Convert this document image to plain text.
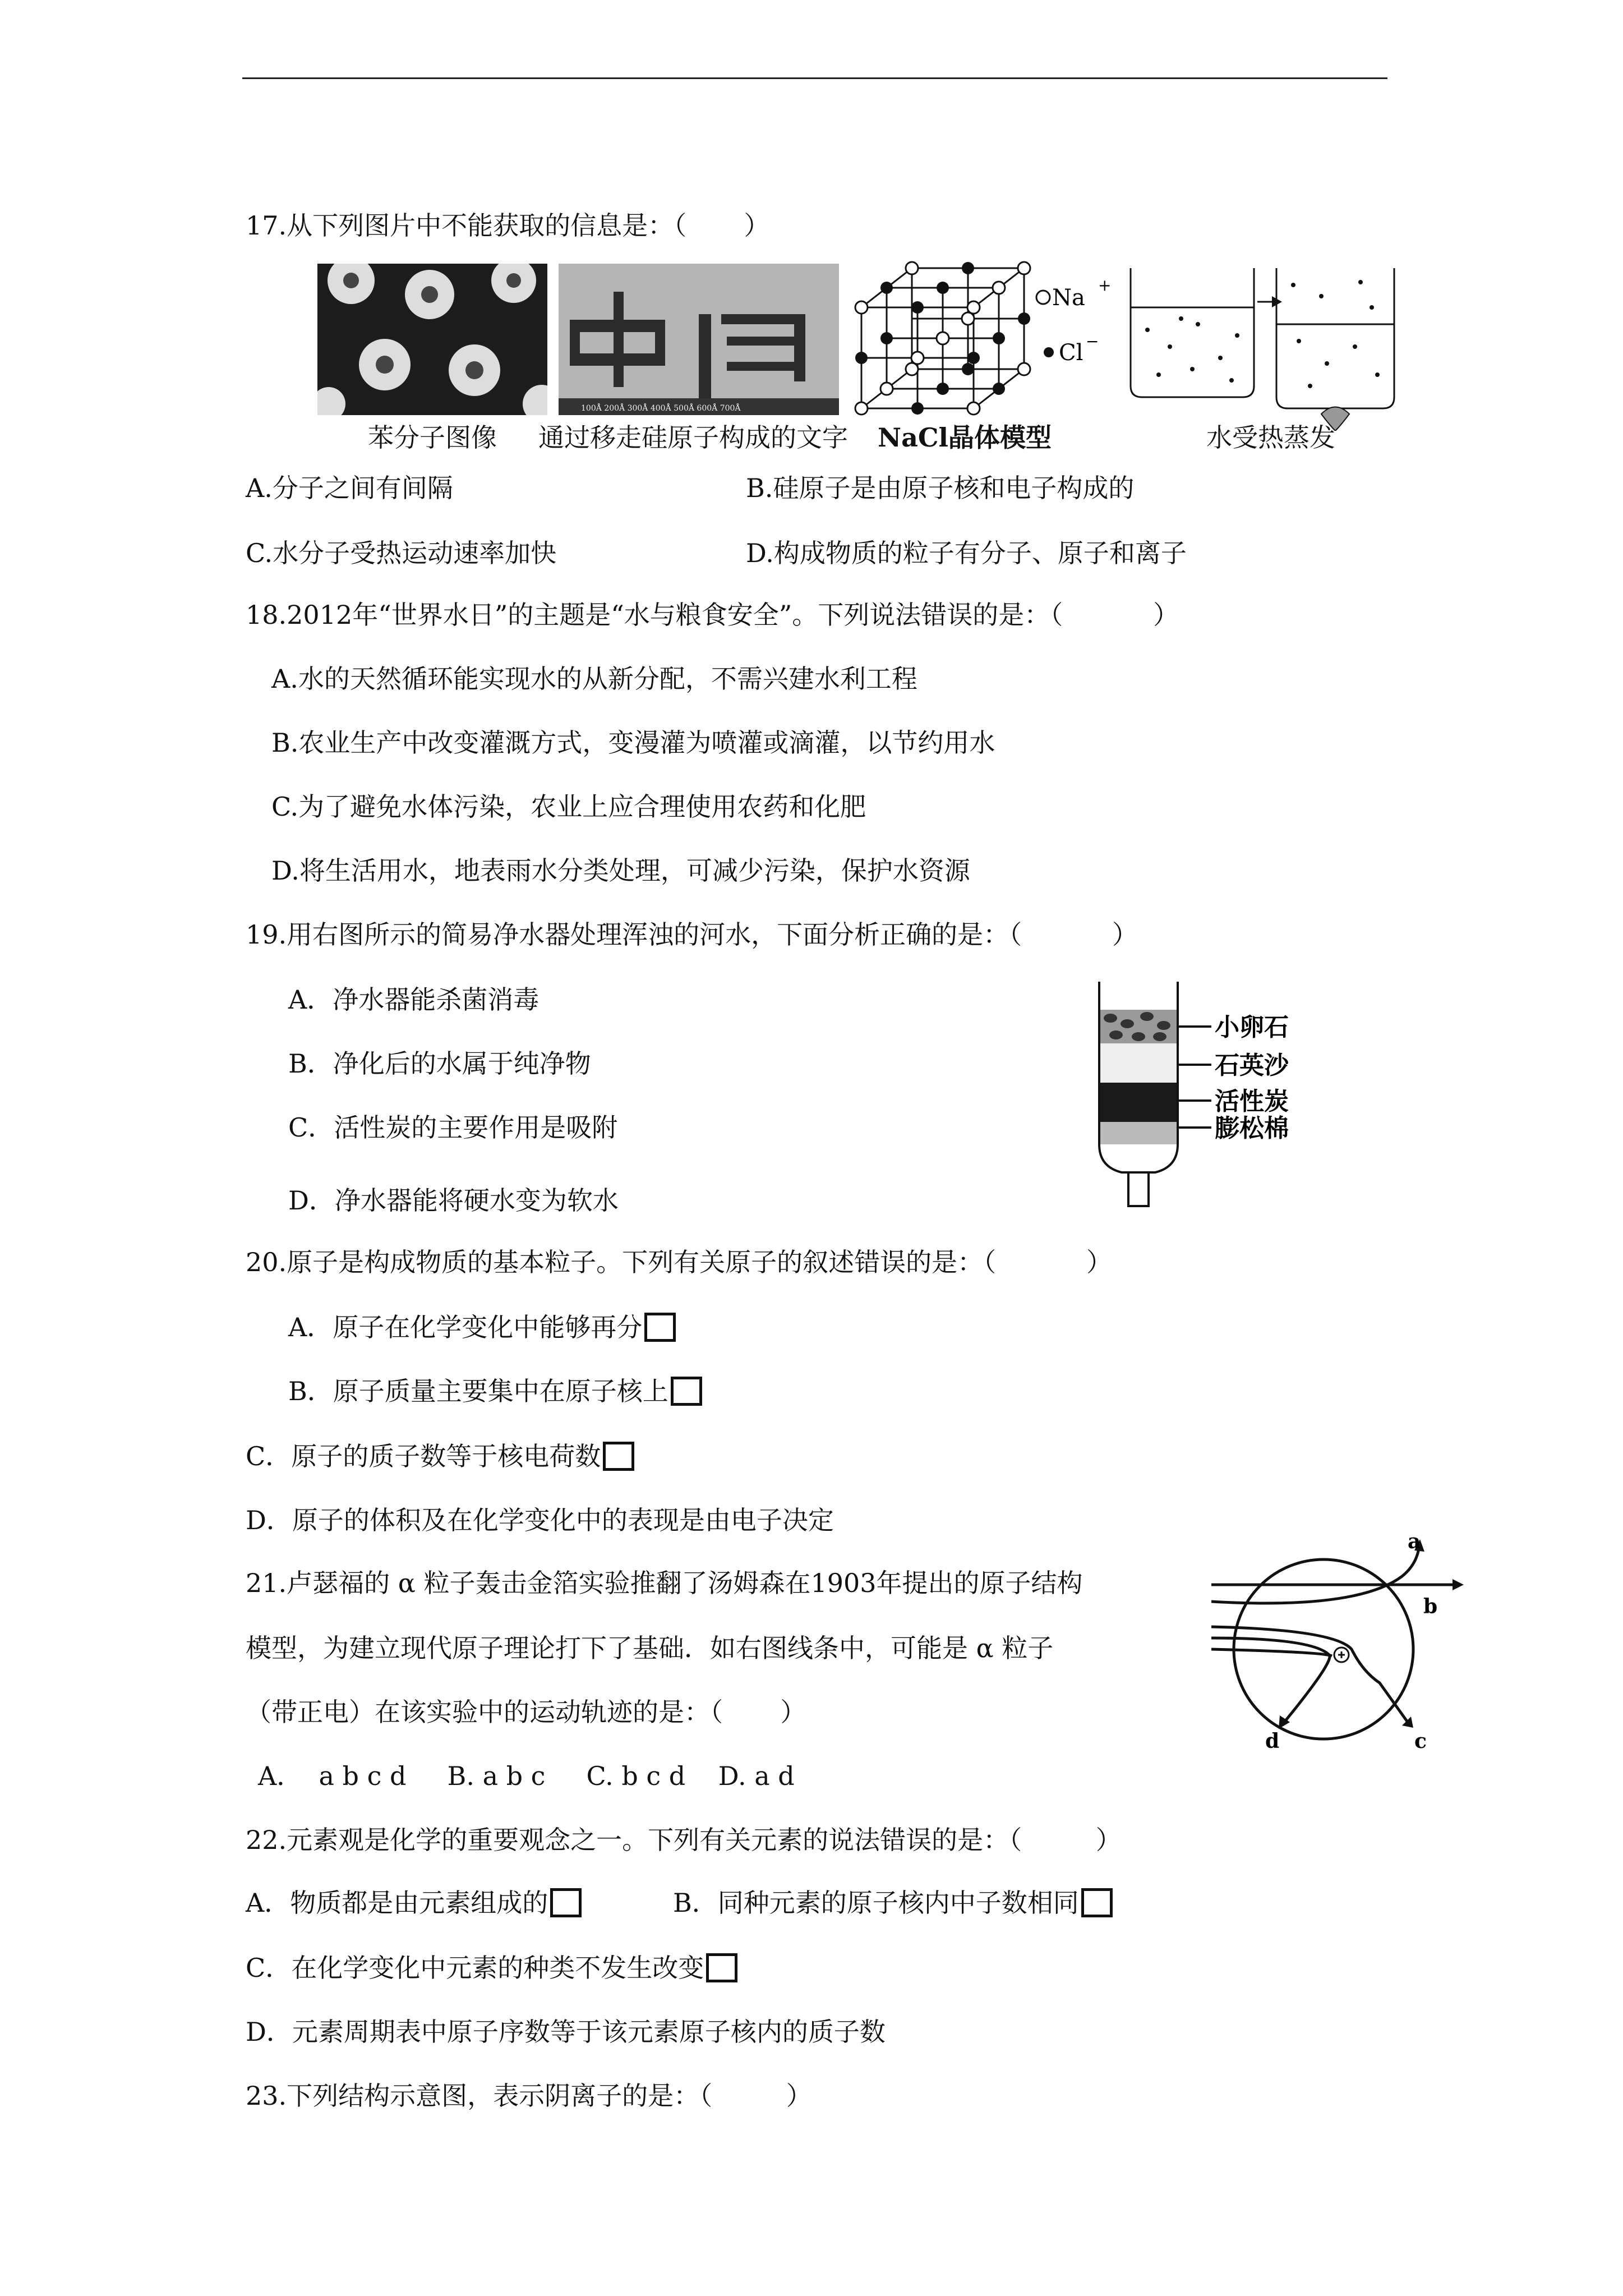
17.从下列图片中不能获取的信息是：（       ）
100Å 200Å 300Å 400Å 500Å 600Å 700Å
Na +
Cl −
苯分子图像	通过移走硅原子构成的文字	NaCl晶体模型	水受热蒸发
A.分子之间有间隔	B.硅原子是由原子核和电子构成的
C.水分子受热运动速率加快	D.构成物质的粒子有分子、原子和离子
18.2012年“世界水日”的主题是“水与粮食安全”。下列说法错误的是：（           ）
A.水的天然循环能实现水的从新分配，不需兴建水利工程
B.农业生产中改变灌溉方式，变漫灌为喷灌或滴灌，以节约用水
C.为了避免水体污染，农业上应合理使用农药和化肥
D.将生活用水，地表雨水分类处理，可减少污染，保护水资源
19.用右图所示的简易净水器处理浑浊的河水，下面分析正确的是：（           ）
A．净水器能杀菌消毒
B．净化后的水属于纯净物
C．活性炭的主要作用是吸附
D．净水器能将硬水变为软水
小卵石
石英沙
活性炭
膨松棉
20.原子是构成物质的基本粒子。下列有关原子的叙述错误的是：（           ）
A．原子在化学变化中能够再分
B．原子质量主要集中在原子核上
C．原子的质子数等于核电荷数
D．原子的体积及在化学变化中的表现是由电子决定
21.卢瑟福的 α 粒子轰击金箔实验推翻了汤姆森在1903年提出的原子结构
模型，为建立现代原子理论打下了基础．如右图线条中，可能是 α 粒子
（带正电）在该实验中的运动轨迹的是：（       ）
A．  a b c d     B. a b c     C. b c d    D. a d
a
b
c
d
22.元素观是化学的重要观念之一。下列有关元素的说法错误的是：（         ）
A．物质都是由元素组成的	B．同种元素的原子核内中子数相同
C．在化学变化中元素的种类不发生改变
D．元素周期表中原子序数等于该元素原子核内的质子数
23.下列结构示意图，表示阴离子的是：（         ）
